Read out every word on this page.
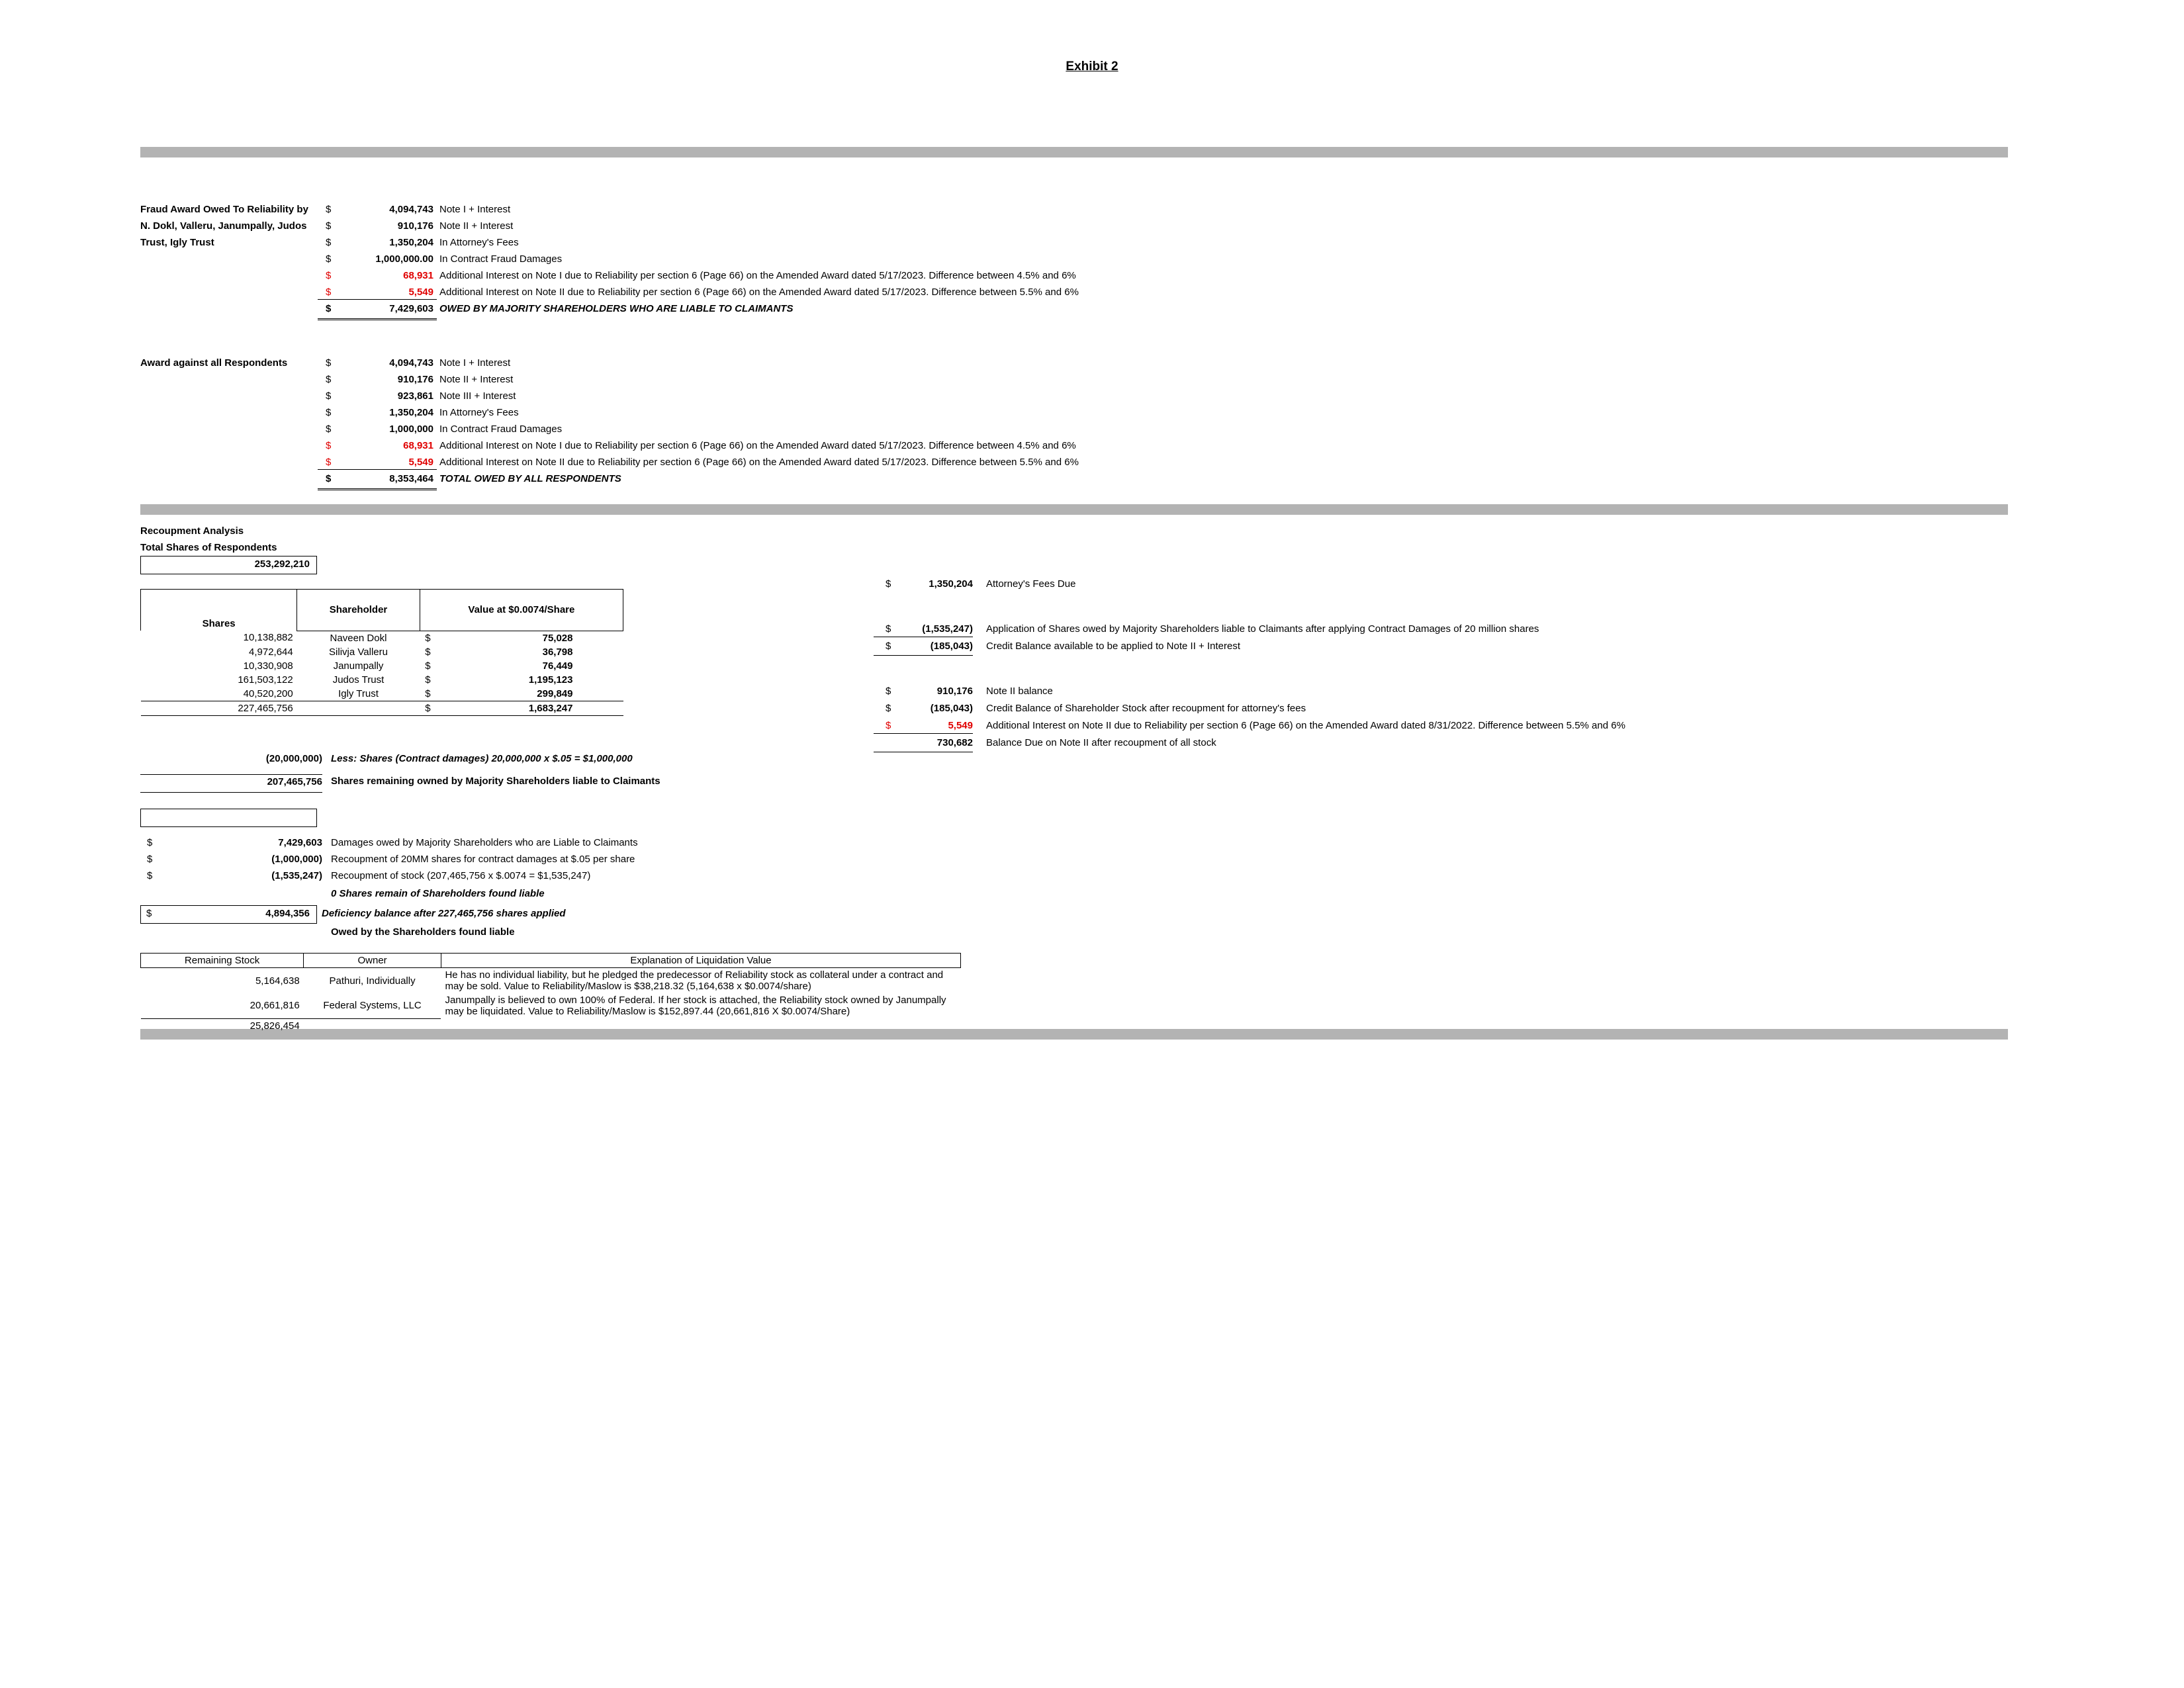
Exhibit 2
Fraud Award Owed To Reliability by
N. Dokl, Valleru, Janumpally, Judos
Trust, Igly Trust
$	4,094,743 Note I + Interest
$	910,176 Note II + Interest
$	1,350,204 In Attorney's Fees
$	1,000,000.00 In Contract Fraud Damages
$	68,931 Additional Interest on Note I due to Reliability per section 6 (Page 66) on the Amended Award dated 5/17/2023. Difference between 4.5% and 6%
$	5,549 Additional Interest on Note II due to Reliability per section 6 (Page 66) on the Amended Award dated 5/17/2023. Difference between 5.5% and 6%
$	7,429,603 OWED BY MAJORITY SHAREHOLDERS WHO ARE LIABLE TO CLAIMANTS
Award against all Respondents	$	4,094,743 Note I + Interest
$	910,176 Note II + Interest
$	923,861 Note III + Interest
$	1,350,204 In Attorney's Fees
$	1,000,000 In Contract Fraud Damages
$	68,931 Additional Interest on Note I due to Reliability per section 6 (Page 66) on the Amended Award dated 5/17/2023. Difference between 4.5% and 6%
$	5,549 Additional Interest on Note II due to Reliability per section 6 (Page 66) on the Amended Award dated 5/17/2023. Difference between 5.5% and 6%
$	8,353,464 TOTAL OWED BY ALL RESPONDENTS
Recoupment Analysis
Total Shares of Respondents
253,292,210
Shares	Shareholder	Value at $0.0074/Share
10,138,882	Naveen Dokl	$ 75,028

4,972,644	Silivja Valleru	$ 36,798

10,330,908	Janumpally	$ 76,449

161,503,122	Judos Trust	$ 1,195,123

40,520,200	Igly Trust	$ 299,849

227,465,756		$ 1,683,247
(20,000,000) Less: Shares (Contract damages) 20,000,000 x $.05 = $1,000,000
207,465,756 Shares remaining owned by Majority Shareholders liable to Claimants
$	7,429,603 Damages owed by Majority Shareholders who are Liable to Claimants
$	(1,000,000) Recoupment of 20MM shares for contract damages at $.05 per share
$	(1,535,247) Recoupment of stock (207,465,756 x $.0074 = $1,535,247)
0 Shares remain of Shareholders found liable
$	4,894,356	Deficiency balance after 227,465,756 shares applied
Owed by the Shareholders found liable
Remaining Stock	Owner	Explanation of Liquidation Value
5,164,638	Pathuri, Individually	He has no individual liability, but he pledged the predecessor of Reliability stock as collateral under a contract and may be sold. Value to Reliability/Maslow is $38,218.32 (5,164,638 x $0.0074/share)
20,661,816	Federal Systems, LLC	Janumpally is believed to own 100% of Federal. If her stock is attached, the Reliability stock owned by Janumpally may be liquidated. Value to Reliability/Maslow is $152,897.44 (20,661,816 X $0.0074/Share)
25,826,454		
$	1,350,204 Attorney's Fees Due
$	(1,535,247) Application of Shares owed by Majority Shareholders liable to Claimants after applying Contract Damages of 20 million shares
$	(185,043) Credit Balance available to be applied to Note II + Interest
$	910,176 Note II balance
$	(185,043) Credit Balance of Shareholder Stock after recoupment for attorney's fees
$	5,549 Additional Interest on Note II due to Reliability per section 6 (Page 66) on the Amended Award dated 8/31/2022. Difference between 5.5% and 6%
730,682 Balance Due on Note II after recoupment of all stock
